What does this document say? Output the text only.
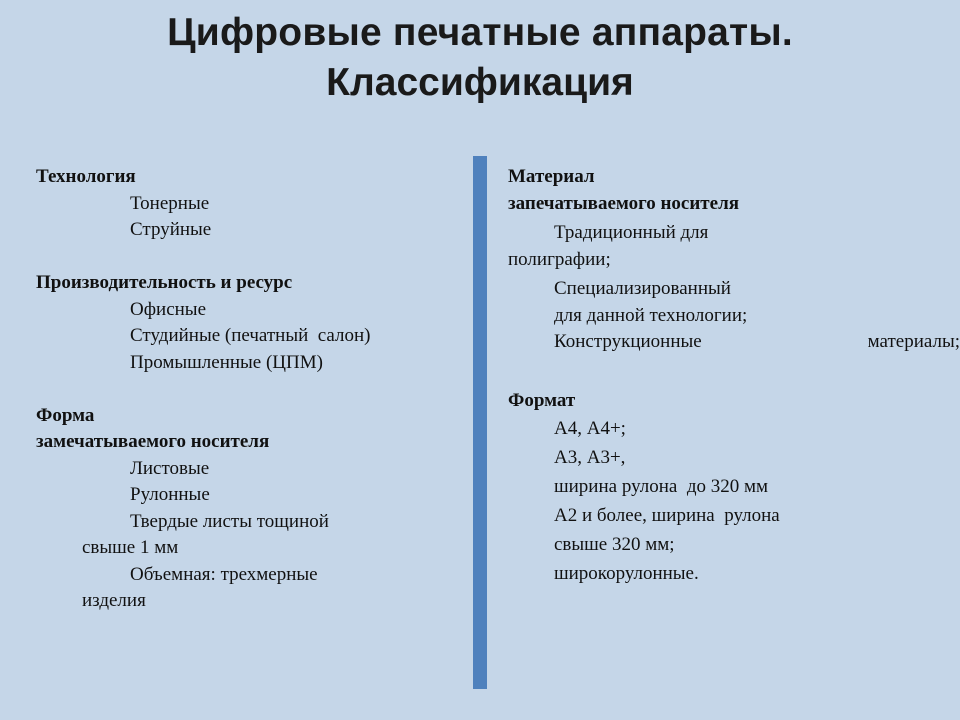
Цифровые печатные аппараты.
Классификация
Технология
Тонерные
Струйные
Производительность и ресурс
Офисные
Студийные (печатный  салон)
Промышленные (ЦПМ)
Форма
замечатываемого носителя
Листовые
Рулонные
Твердые листы тощиной
свыше 1 мм
Объемная: трехмерные
изделия
Материал
запечатываемого носителя
Традиционный для
полиграфии;
Специализированный
для данной технологии;
Конструкционные	материалы;
Формат
А4, А4+;
А3, А3+,
ширина рулона  до 320 мм
А2 и более, ширина  рулона
свыше 320 мм;
широкорулонные.
